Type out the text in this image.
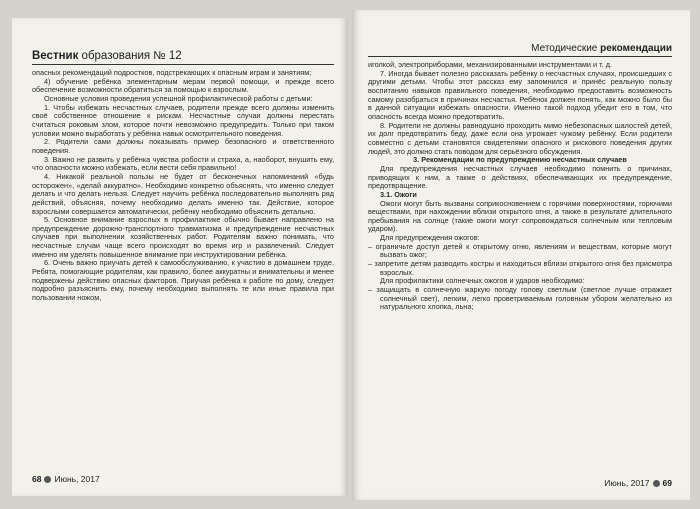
Вестник образования № 12

опасных рекомендаций подростков, подстрекающих к опасным играм и занятиям;

4) обучение ребёнка элементарным мерам первой помощи, и прежде всего обеспечение возможности обратиться за помощью к взрослым.

Основные условия проведения успешной профилактической работы с детьми:

1. Чтобы избежать несчастных случаев, родители прежде всего должны изменить своё собственное отношение к рискам. Несчастные случаи должны перестать считаться роковым злом, которое почти невозможно предупредить. Только при таком условии можно выработать у ребёнка навык осмотрительного поведения.

2. Родители сами должны показывать пример безопасного и ответственного поведения.

3. Важно не развить у ребёнка чувства робости и страха, а, наоборот, внушить ему, что опасности можно избежать, если вести себя правильно!

4. Никакой реальной пользы не будет от бесконечных напоминаний «будь осторожен», «делай аккуратно». Необходимо конкретно объяснять, что именно следует делать и что делать нельзя. Следует научить ребёнка последовательно выполнять ряд действий, объясняя, почему необходимо делать именно так. Действие, которое взрослыми совершается автоматически, ребёнку необходимо объяснить детально.

5. Основное внимание взрослых в профилактике обычно бывает направлено на предупреждение дорожно-транспортного травматизма и предупреждение несчастных случаев при выполнении хозяйственных работ. Родителям важно понимать, что несчастные случаи чаще всего происходят во время игр и развлечений. Следует именно им уделять повышенное внимание при инструктировании ребёнка.

6. Очень важно приучать детей к самообслуживанию, к участию в домашнем труде. Ребята, помогающие родителям, как правило, более аккуратны и внимательны и менее подвержены действию опасных факторов. Приучая ребёнка к работе по дому, следует подробно разъяснить ему, почему необходимо выполнять те или иные правила при пользовании ножом,

68 Июнь, 2017
Методические рекомендации

иголкой, электроприборами, механизированными инструментами и т. д.

7. Иногда бывает полезно рассказать ребёнку о несчастных случаях, происшедших с другими детьми. Чтобы этот рассказ ему запомнился и принёс реальную пользу воспитанию навыков правильного поведения, необходимо предоставить возможность самому разобраться в причинах несчастья. Ребёнок должен понять, как можно было бы в данной ситуации избежать опасности. Именно такой подход убедит его в том, что опасность всегда можно предотвратить.

8. Родители не должны равнодушно проходить мимо небезопасных шалостей детей, их долг предотвратить беду, даже если она угрожает чужому ребёнку. Если родители совместно с детьми становятся свидетелями опасного и рискового поведения других людей, это должно стать поводом для серьёзного обсуждения.

3. Рекомендации по предупреждению несчастных случаев

Для предупреждения несчастных случаев необходимо помнить о причинах, приводящих к ним, а также о действиях, обеспечивающих их предупреждение, предотвращение.

3.1. Ожоги

Ожоги могут быть вызваны соприкосновением с горячими поверхностями, горючими веществами, при нахождении вблизи открытого огня, а также в результате длительного пребывания на солнце (такие ожоги могут сопровождаться солнечным или тепловым ударом).

Для предупреждения ожогов:

– ограничьте доступ детей к открытому огню, явлениям и веществам, которые могут вызвать ожог;

– запретите детям разводить костры и находиться вблизи открытого огня без присмотра взрослых.

Для профилактики солнечных ожогов и ударов необходимо:

– защищать в солнечную жаркую погоду голову светлым (светлое лучше отражает солнечный свет), легким, легко проветриваемым головным убором желательно из натурального хлопка, льна;

Июнь, 2017 69
